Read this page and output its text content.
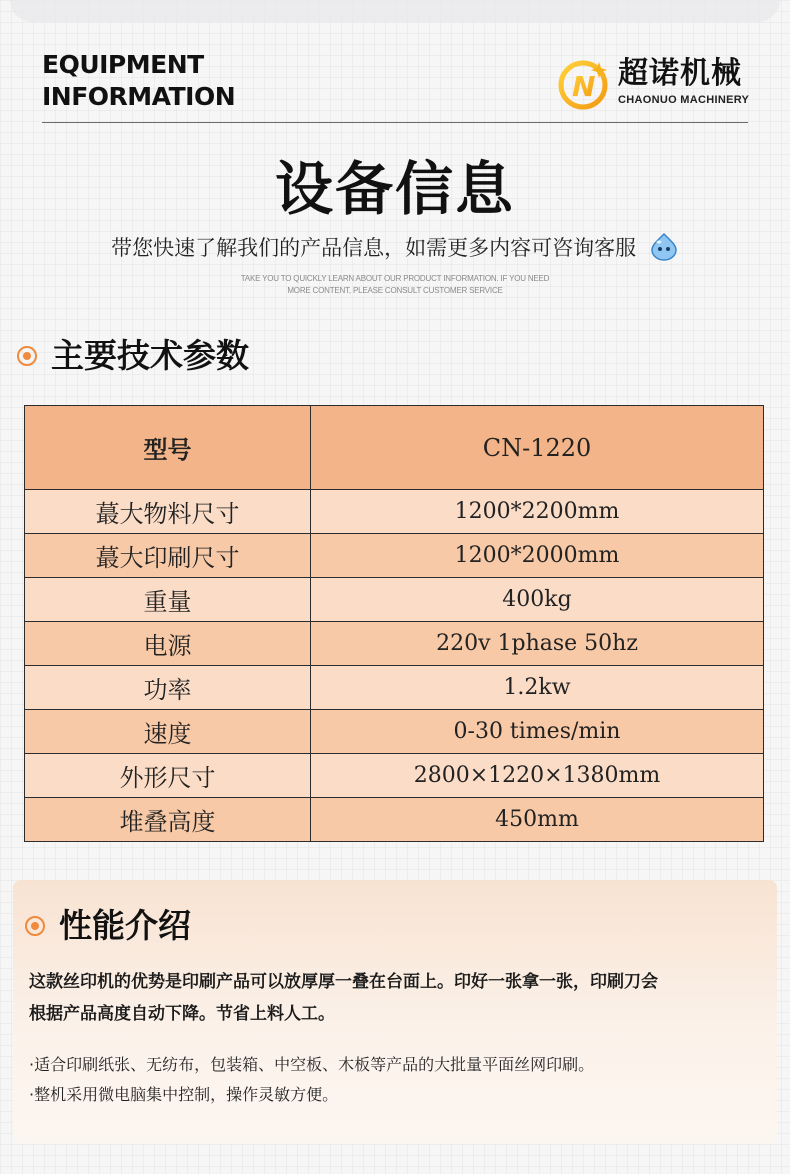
EQUIPMENT
INFORMATION	N 超诺机械
CHAONUO MACHINERY
设备信息
带您快速了解我们的产品信息，如需更多内容可咨询客服
TAKE YOU TO QUICKLY LEARN ABOUT OUR PRODUCT INFORMATION. IF YOU NEED
MORE CONTENT, PLEASE CONSULT CUSTOMER SERVICE
主要技术参数
型号	CN-1220
蕞大物料尺寸	1200*2200mm
蕞大印刷尺寸	1200*2000mm
重量	400kg
电源	220v 1phase 50hz
功率	1.2kw
速度	0-30 times/min
外形尺寸	2800×1220×1380mm
堆叠高度	450mm
性能介绍
这款丝印机的优势是印刷产品可以放厚厚一叠在台面上。印好一张拿一张，印刷刀会
根据产品高度自动下降。节省上料人工。
·适合印刷纸张、无纺布，包装箱、中空板、木板等产品的大批量平面丝网印刷。
·整机采用微电脑集中控制，操作灵敏方便。
